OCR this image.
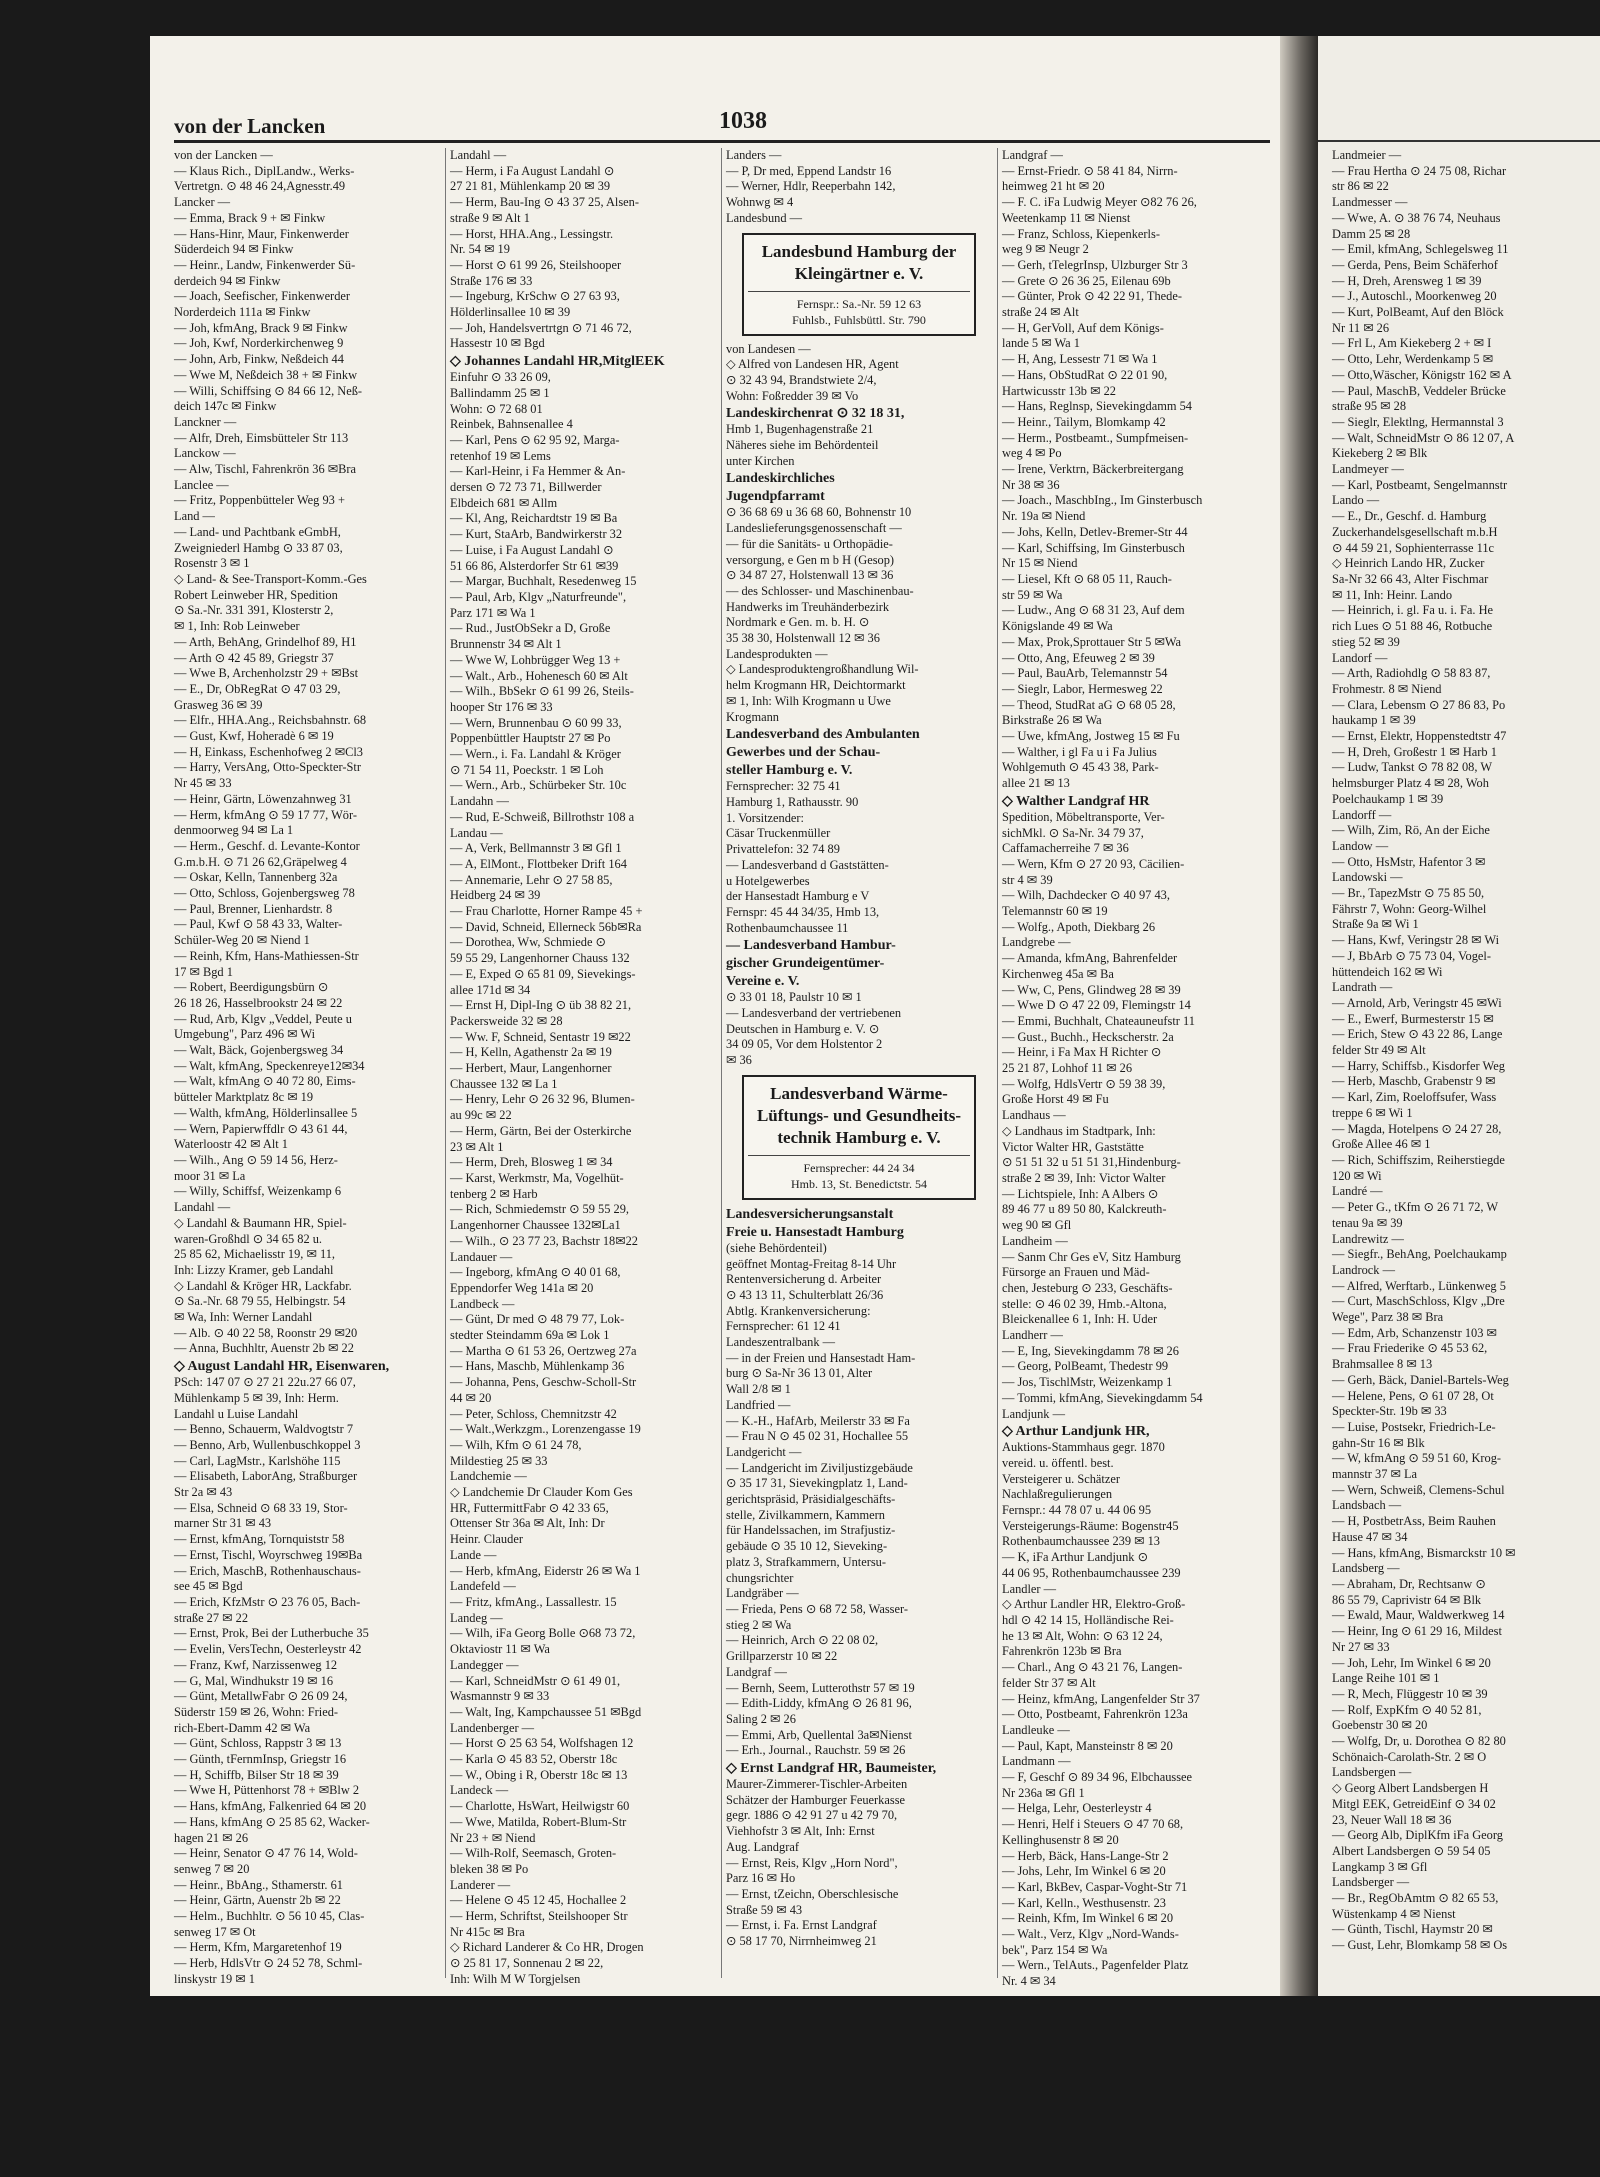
von der Lancken	1038

von der Lancken —

— Klaus Rich., DiplLandw., Werks-

Vertretgn. ⊙ 48 46 24,Agnesstr.49

Lancker —

— Emma, Brack 9 + ✉ Finkw

— Hans-Hinr, Maur, Finkenwerder

Süderdeich 94 ✉ Finkw

— Heinr., Landw, Finkenwerder Sü-

derdeich 94 ✉ Finkw

— Joach, Seefischer, Finkenwerder

Norderdeich 111a ✉ Finkw

— Joh, kfmAng, Brack 9 ✉ Finkw

— Joh, Kwf, Norderkirchenweg 9

— John, Arb, Finkw, Neßdeich 44

— Wwe M, Neßdeich 38 + ✉ Finkw

— Willi, Schiffsing ⊙ 84 66 12, Neß-

deich 147c ✉ Finkw

Lanckner —

— Alfr, Dreh, Eimsbütteler Str 113

Lanckow —

— Alw, Tischl, Fahrenkrön 36 ✉Bra

Lanclee —

— Fritz, Poppenbütteler Weg 93 +

Land —

— Land- und Pachtbank eGmbH,

Zweigniederl Hambg ⊙ 33 87 03,

Rosenstr 3 ✉ 1

◇ Land- & See-Transport-Komm.-Ges

Robert Leinweber HR, Spedition

⊙ Sa.-Nr. 331 391, Klosterstr 2,

✉ 1, Inh: Rob Leinweber

— Arth, BehAng, Grindelhof 89, H1

— Arth ⊙ 42 45 89, Griegstr 37

— Wwe B, Archenholzstr 29 + ✉Bst

— E., Dr, ObRegRat ⊙ 47 03 29,

Grasweg 36 ✉ 39

— Elfr., HHA.Ang., Reichsbahnstr. 68

— Gust, Kwf, Hoheradè 6 ✉ 19

— H, Einkass, Eschenhofweg 2 ✉Cl3

— Harry, VersAng, Otto-Speckter-Str

Nr 45 ✉ 33

— Heinr, Gärtn, Löwenzahnweg 31

— Herm, kfmAng ⊙ 59 17 77, Wör-

denmoorweg 94 ✉ La 1

— Herm., Geschf. d. Levante-Kontor

G.m.b.H. ⊙ 71 26 62,Gräpelweg 4

— Oskar, Kelln, Tannenberg 32a

— Otto, Schloss, Gojenbergsweg 78

— Paul, Brenner, Lienhardstr. 8

— Paul, Kwf ⊙ 58 43 33, Walter-

Schüler-Weg 20 ✉ Niend 1

— Reinh, Kfm, Hans-Mathiessen-Str

17 ✉ Bgd 1

— Robert, Beerdigungsbürn ⊙

26 18 26, Hasselbrookstr 24 ✉ 22

— Rud, Arb, Klgv „Veddel, Peute u

Umgebung", Parz 496 ✉ Wi

— Walt, Bäck, Gojenbergsweg 34

— Walt, kfmAng, Speckenreye12✉34

— Walt, kfmAng ⊙ 40 72 80, Eims-

bütteler Marktplatz 8c ✉ 19

— Walth, kfmAng, Hölderlinsallee 5

— Wern, Papierwffdlr ⊙ 43 61 44,

Waterloostr 42 ✉ Alt 1

— Wilh., Ang ⊙ 59 14 56, Herz-

moor 31 ✉ La

— Willy, Schiffsf, Weizenkamp 6

Landahl —

◇ Landahl & Baumann HR, Spiel-

waren-Großhdl ⊙ 34 65 82 u.

25 85 62, Michaelisstr 19, ✉ 11,

Inh: Lizzy Kramer, geb Landahl

◇ Landahl & Kröger HR, Lackfabr.

⊙ Sa.-Nr. 68 79 55, Helbingstr. 54

✉ Wa, Inh: Werner Landahl

— Alb. ⊙ 40 22 58, Roonstr 29 ✉20

— Anna, Buchhltr, Auenstr 2b ✉ 22

◇ August Landahl HR, Eisenwaren,

PSch: 147 07 ⊙ 27 21 22u.27 66 07,

Mühlenkamp 5 ✉ 39, Inh: Herm.

Landahl u Luise Landahl

— Benno, Schauerm, Waldvogtstr 7

— Benno, Arb, Wullenbuschkoppel 3

— Carl, LagMstr., Karlshöhe 115

— Elisabeth, LaborAng, Straßburger

Str 2a ✉ 43

— Elsa, Schneid ⊙ 68 33 19, Stor-

marner Str 31 ✉ 43

— Ernst, kfmAng, Tornquiststr 58

— Ernst, Tischl, Woyrschweg 19✉Ba

— Erich, MaschB, Rothenhauschaus-

see 45 ✉ Bgd

— Erich, KfzMstr ⊙ 23 76 05, Bach-

straße 27 ✉ 22

— Ernst, Prok, Bei der Lutherbuche 35

— Evelin, VersTechn, Oesterleystr 42

— Franz, Kwf, Narzissenweg 12

— G, Mal, Windhukstr 19 ✉ 16

— Günt, MetallwFabr ⊙ 26 09 24,

Süderstr 159 ✉ 26, Wohn: Fried-

rich-Ebert-Damm 42 ✉ Wa

— Günt, Schloss, Rappstr 3 ✉ 13

— Günth, tFernmInsp, Griegstr 16

— H, Schiffb, Bilser Str 18 ✉ 39

— Wwe H, Püttenhorst 78 + ✉Blw 2

— Hans, kfmAng, Falkenried 64 ✉ 20

— Hans, kfmAng ⊙ 25 85 62, Wacker-

hagen 21 ✉ 26

— Heinr, Senator ⊙ 47 76 14, Wold-

senweg 7 ✉ 20

— Heinr., BbAng., Sthamerstr. 61

— Heinr, Gärtn, Auenstr 2b ✉ 22

— Helm., Buchhltr. ⊙ 56 10 45, Clas-

senweg 17 ✉ Ot

— Herm, Kfm, Margaretenhof 19

— Herb, HdlsVtr ⊙ 24 52 78, Schml-

linskystr 19 ✉ 1

Landahl —

— Herm, i Fa August Landahl ⊙

27 21 81, Mühlenkamp 20 ✉ 39

— Herm, Bau-Ing ⊙ 43 37 25, Alsen-

straße 9 ✉ Alt 1

— Horst, HHA.Ang., Lessingstr.

Nr. 54 ✉ 19

— Horst ⊙ 61 99 26, Steilshooper

Straße 176 ✉ 33

— Ingeburg, KrSchw ⊙ 27 63 93,

Hölderlinsallee 10 ✉ 39

— Joh, Handelsvertrtgn ⊙ 71 46 72,

Hassestr 10 ✉ Bgd

◇ Johannes Landahl HR,MitglEEK

Einfuhr ⊙ 33 26 09,

Ballindamm 25 ✉ 1

Wohn: ⊙ 72 68 01

Reinbek, Bahnsenallee 4

— Karl, Pens ⊙ 62 95 92, Marga-

retenhof 19 ✉ Lems

— Karl-Heinr, i Fa Hemmer & An-

dersen ⊙ 72 73 71, Billwerder

Elbdeich 681 ✉ Allm

— Kl, Ang, Reichardtstr 19 ✉ Ba

— Kurt, StaArb, Bandwirkerstr 32

— Luise, i Fa August Landahl ⊙

51 66 86, Alsterdorfer Str 61 ✉39

— Margar, Buchhalt, Resedenweg 15

— Paul, Arb, Klgv „Naturfreunde",

Parz 171 ✉ Wa 1

— Rud., JustObSekr a D, Große

Brunnenstr 34 ✉ Alt 1

— Wwe W, Lohbrügger Weg 13 +

— Walt., Arb., Hohenesch 60 ✉ Alt

— Wilh., BbSekr ⊙ 61 99 26, Steils-

hooper Str 176 ✉ 33

— Wern, Brunnenbau ⊙ 60 99 33,

Poppenbüttler Hauptstr 27 ✉ Po

— Wern., i. Fa. Landahl & Kröger

⊙ 71 54 11, Poeckstr. 1 ✉ Loh

— Wern., Arb., Schürbeker Str. 10c

Landahn —

— Rud, E-Schweiß, Billrothstr 108 a

Landau —

— A, Verk, Bellmannstr 3 ✉ Gfl 1

— A, ElMont., Flottbeker Drift 164

— Annemarie, Lehr ⊙ 27 58 85,

Heidberg 24 ✉ 39

— Frau Charlotte, Horner Rampe 45 +

— David, Schneid, Ellerneck 56b✉Ra

— Dorothea, Ww, Schmiede ⊙

59 55 29, Langenhorner Chauss 132

— E, Exped ⊙ 65 81 09, Sievekings-

allee 171d ✉ 34

— Ernst H, Dipl-Ing ⊙ üb 38 82 21,

Packersweide 32 ✉ 28

— Ww. F, Schneid, Sentastr 19 ✉22

— H, Kelln, Agathenstr 2a ✉ 19

— Herbert, Maur, Langenhorner

Chaussee 132 ✉ La 1

— Henry, Lehr ⊙ 26 32 96, Blumen-

au 99c ✉ 22

— Herm, Gärtn, Bei der Osterkirche

23 ✉ Alt 1

— Herm, Dreh, Blosweg 1 ✉ 34

— Karst, Werkmstr, Ma, Vogelhüt-

tenberg 2 ✉ Harb

— Rich, Schmiedemstr ⊙ 59 55 29,

Langenhorner Chaussee 132✉La1

— Wilh., ⊙ 23 77 23, Bachstr 18✉22

Landauer —

— Ingeborg, kfmAng ⊙ 40 01 68,

Eppendorfer Weg 141a ✉ 20

Landbeck —

— Günt, Dr med ⊙ 48 79 77, Lok-

stedter Steindamm 69a ✉ Lok 1

— Martha ⊙ 61 53 26, Oertzweg 27a

— Hans, Maschb, Mühlenkamp 36

— Johanna, Pens, Geschw-Scholl-Str

44 ✉ 20

— Peter, Schloss, Chemnitzstr 42

— Walt.,Werkzgm., Lorenzengasse 19

— Wilh, Kfm ⊙ 61 24 78,

Mildestieg 25 ✉ 33

Landchemie —

◇ Landchemie Dr Clauder Kom Ges

HR, FuttermittFabr ⊙ 42 33 65,

Ottenser Str 36a ✉ Alt, Inh: Dr

Heinr. Clauder

Lande —

— Herb, kfmAng, Eiderstr 26 ✉ Wa 1

Landefeld —

— Fritz, kfmAng., Lassallestr. 15

Landeg —

— Wilh, iFa Georg Bolle ⊙68 73 72,

Oktaviostr 11 ✉ Wa

Landegger —

— Karl, SchneidMstr ⊙ 61 49 01,

Wasmannstr 9 ✉ 33

— Walt, Ing, Kampchaussee 51 ✉Bgd

Landenberger —

— Horst ⊙ 25 63 54, Wolfshagen 12

— Karla ⊙ 45 83 52, Oberstr 18c

— W., Obing i R, Oberstr 18c ✉ 13

Landeck —

— Charlotte, HsWart, Heilwigstr 60

— Wwe, Matilda, Robert-Blum-Str

Nr 23 + ✉ Niend

— Wilh-Rolf, Seemasch, Groten-

bleken 38 ✉ Po

Landerer —

— Helene ⊙ 45 12 45, Hochallee 2

— Herm, Schriftst, Steilshooper Str

Nr 415c ✉ Bra

◇ Richard Landerer & Co HR, Drogen

⊙ 25 81 17, Sonnenau 2 ✉ 22,

Inh: Wilh M W Torgjelsen

Landers —

— P, Dr med, Eppend Landstr 16

— Werner, Hdlr, Reeperbahn 142,

Wohnwg ✉ 4

Landesbund —

Landesbund Hamburg der Kleingärtner e. V.
Fernspr.: Sa.-Nr. 59 12 63
Fuhlsb., Fuhlsbüttl. Str. 790

von Landesen —

◇ Alfred von Landesen HR, Agent

⊙ 32 43 94, Brandstwiete 2/4,

Wohn: Foßredder 39 ✉ Vo

Landeskirchenrat ⊙ 32 18 31,

Hmb 1, Bugenhagenstraße 21

Näheres siehe im Behördenteil

unter Kirchen

Landeskirchliches

Jugendpfarramt

⊙ 36 68 69 u 36 68 60, Bohnenstr 10

Landeslieferungsgenossenschaft —

— für die Sanitäts- u Orthopädie-

versorgung, e Gen m b H (Gesop)

⊙ 34 87 27, Holstenwall 13 ✉ 36

— des Schlosser- und Maschinenbau-

Handwerks im Treuhänderbezirk

Nordmark e Gen. m. b. H. ⊙

35 38 30, Holstenwall 12 ✉ 36

Landesprodukten —

◇ Landesproduktengroßhandlung Wil-

helm Krogmann HR, Deichtormarkt

✉ 1, Inh: Wilh Krogmann u Uwe

Krogmann

Landesverband des Ambulanten

Gewerbes und der Schau-

steller Hamburg e. V.

Fernsprecher: 32 75 41

Hamburg 1, Rathausstr. 90

1. Vorsitzender:

Cäsar Truckenmüller

Privattelefon: 32 74 89

— Landesverband d Gaststätten-

u Hotelgewerbes

der Hansestadt Hamburg e V

Fernspr: 45 44 34/35, Hmb 13,

Rothenbaumchaussee 11

— Landesverband Hambur-

gischer Grundeigentümer-

Vereine e. V.

⊙ 33 01 18, Paulstr 10 ✉ 1

— Landesverband der vertriebenen

Deutschen in Hamburg e. V. ⊙

34 09 05, Vor dem Holstentor 2

✉ 36

Landesverband Wärme-Lüftungs- und Gesundheits-technik Hamburg e. V.
Fernsprecher: 44 24 34
Hmb. 13, St. Benedictstr. 54

Landesversicherungsanstalt

Freie u. Hansestadt Hamburg

(siehe Behördenteil)

geöffnet Montag-Freitag 8-14 Uhr

Rentenversicherung d. Arbeiter

⊙ 43 13 11, Schulterblatt 26/36

Abtlg. Krankenversicherung:

Fernsprecher: 61 12 41

Landeszentralbank —

— in der Freien und Hansestadt Ham-

burg ⊙ Sa-Nr 36 13 01, Alter

Wall 2/8 ✉ 1

Landfried —

— K.-H., HafArb, Meilerstr 33 ✉ Fa

— Frau N ⊙ 45 02 31, Hochallee 55

Landgericht —

— Landgericht im Ziviljustizgebäude

⊙ 35 17 31, Sievekingplatz 1, Land-

gerichtspräsid, Präsidialgeschäfts-

stelle, Zivilkammern, Kammern

für Handelssachen, im Strafjustiz-

gebäude ⊙ 35 10 12, Sieveking-

platz 3, Strafkammern, Untersu-

chungsrichter

Landgräber —

— Frieda, Pens ⊙ 68 72 58, Wasser-

stieg 2 ✉ Wa

— Heinrich, Arch ⊙ 22 08 02,

Grillparzerstr 10 ✉ 22

Landgraf —

— Bernh, Seem, Lutterothstr 57 ✉ 19

— Edith-Liddy, kfmAng ⊙ 26 81 96,

Saling 2 ✉ 26

— Emmi, Arb, Quellental 3a✉Nienst

— Erh., Journal., Rauchstr. 59 ✉ 26

◇ Ernst Landgraf HR, Baumeister,

Maurer-Zimmerer-Tischler-Arbeiten

Schätzer der Hamburger Feuerkasse

gegr. 1886 ⊙ 42 91 27 u 42 79 70,

Viehhofstr 3 ✉ Alt, Inh: Ernst

Aug. Landgraf

— Ernst, Reis, Klgv „Horn Nord",

Parz 16 ✉ Ho

— Ernst, tZeichn, Oberschlesische

Straße 59 ✉ 43

— Ernst, i. Fa. Ernst Landgraf

⊙ 58 17 70, Nirrnheimweg 21

Landgraf —

— Ernst-Friedr. ⊙ 58 41 84, Nirrn-

heimweg 21 ht ✉ 20

— F. C. iFa Ludwig Meyer ⊙82 76 26,

Weetenkamp 11 ✉ Nienst

— Franz, Schloss, Kiepenkerls-

weg 9 ✉ Neugr 2

— Gerh, tTelegrInsp, Ulzburger Str 3

— Grete ⊙ 26 36 25, Eilenau 69b

— Günter, Prok ⊙ 42 22 91, Thede-

straße 24 ✉ Alt

— H, GerVoll, Auf dem Königs-

lande 5 ✉ Wa 1

— H, Ang, Lessestr 71 ✉ Wa 1

— Hans, ObStudRat ⊙ 22 01 90,

Hartwicusstr 13b ✉ 22

— Hans, Reglnsp, Sievekingdamm 54

— Heinr., Tailym, Blomkamp 42

— Herm., Postbeamt., Sumpfmeisen-

weg 4 ✉ Po

— Irene, Verktrn, Bäckerbreitergang

Nr 38 ✉ 36

— Joach., MaschbIng., Im Ginsterbusch

Nr. 19a ✉ Niend

— Johs, Kelln, Detlev-Bremer-Str 44

— Karl, Schiffsing, Im Ginsterbusch

Nr 15 ✉ Niend

— Liesel, Kft ⊙ 68 05 11, Rauch-

str 59 ✉ Wa

— Ludw., Ang ⊙ 68 31 23, Auf dem

Königslande 49 ✉ Wa

— Max, Prok,Sprottauer Str 5 ✉Wa

— Otto, Ang, Efeuweg 2 ✉ 39

— Paul, BauArb, Telemannstr 54

— Sieglr, Labor, Hermesweg 22

— Theod, StudRat aG ⊙ 68 05 28,

Birkstraße 26 ✉ Wa

— Uwe, kfmAng, Jostweg 15 ✉ Fu

— Walther, i gl Fa u i Fa Julius

Wohlgemuth ⊙ 45 43 38, Park-

allee 21 ✉ 13

◇ Walther Landgraf HR

Spedition, Möbeltransporte, Ver-

sichMkl. ⊙ Sa-Nr. 34 79 37,

Caffamacherreihe 7 ✉ 36

— Wern, Kfm ⊙ 27 20 93, Cäcilien-

str 4 ✉ 39

— Wilh, Dachdecker ⊙ 40 97 43,

Telemannstr 60 ✉ 19

— Wolfg., Apoth, Diekbarg 26

Landgrebe —

— Amanda, kfmAng, Bahrenfelder

Kirchenweg 45a ✉ Ba

— Ww, C, Pens, Glindweg 28 ✉ 39

— Wwe D ⊙ 47 22 09, Flemingstr 14

— Emmi, Buchhalt, Chateauneufstr 11

— Gust., Buchh., Heckscherstr. 2a

— Heinr, i Fa Max H Richter ⊙

25 21 87, Lohhof 11 ✉ 26

— Wolfg, HdlsVertr ⊙ 59 38 39,

Große Horst 49 ✉ Fu

Landhaus —

◇ Landhaus im Stadtpark, Inh:

Victor Walter HR, Gaststätte

⊙ 51 51 32 u 51 51 31,Hindenburg-

straße 2 ✉ 39, Inh: Victor Walter

— Lichtspiele, Inh: A Albers ⊙

89 46 77 u 89 50 80, Kalckreuth-

weg 90 ✉ Gfl

Landheim —

— Sanm Chr Ges eV, Sitz Hamburg

Fürsorge an Frauen und Mäd-

chen, Jesteburg ⊙ 233, Geschäfts-

stelle: ⊙ 46 02 39, Hmb.-Altona,

Bleickenallee 6 1, Inh: H. Uder

Landherr —

— E, Ing, Sievekingdamm 78 ✉ 26

— Georg, PolBeamt, Thedestr 99

— Jos, TischlMstr, Weizenkamp 1

— Tommi, kfmAng, Sievekingdamm 54

Landjunk —

◇ Arthur Landjunk HR,

Auktions-Stammhaus gegr. 1870

vereid. u. öffentl. best.

Versteigerer u. Schätzer

Nachlaßregulierungen

Fernspr.: 44 78 07 u. 44 06 95

Versteigerungs-Räume: Bogenstr45

Rothenbaumchaussee 239 ✉ 13

— K, iFa Arthur Landjunk ⊙

44 06 95, Rothenbaumchaussee 239

Landler —

◇ Arthur Landler HR, Elektro-Groß-

hdl ⊙ 42 14 15, Holländische Rei-

he 13 ✉ Alt, Wohn: ⊙ 63 12 24,

Fahrenkrön 123b ✉ Bra

— Charl., Ang ⊙ 43 21 76, Langen-

felder Str 37 ✉ Alt

— Heinz, kfmAng, Langenfelder Str 37

— Otto, Postbeamt, Fahrenkrön 123a

Landleuke —

— Paul, Kapt, Mansteinstr 8 ✉ 20

Landmann —

— F, Geschf ⊙ 89 34 96, Elbchaussee

Nr 236a ✉ Gfl 1

— Helga, Lehr, Oesterleystr 4

— Henri, Helf i Steuers ⊙ 47 70 68,

Kellinghusenstr 8 ✉ 20

— Herb, Bäck, Hans-Lange-Str 2

— Johs, Lehr, Im Winkel 6 ✉ 20

— Karl, BkBev, Caspar-Voght-Str 71

— Karl, Kelln., Westhusenstr. 23

— Reinh, Kfm, Im Winkel 6 ✉ 20

— Walt., Verz, Klgv „Nord-Wands-

bek", Parz 154 ✉ Wa

— Wern., TelAuts., Pagenfelder Platz

Nr. 4 ✉ 34

Landmeier —

— Frau Hertha ⊙ 24 75 08, Richar

str 86 ✉ 22

Landmesser —

— Wwe, A. ⊙ 38 76 74, Neuhaus

Damm 25 ✉ 28

— Emil, kfmAng, Schlegelsweg 11

— Gerda, Pens, Beim Schäferhof

— H, Dreh, Arensweg 1 ✉ 39

— J., Autoschl., Moorkenweg 20

— Kurt, PolBeamt, Auf den Blöck

Nr 11 ✉ 26

— Frl L, Am Kiekeberg 2 + ✉ I

— Otto, Lehr, Werdenkamp 5 ✉

— Otto,Wäscher, Königstr 162 ✉ A

— Paul, MaschB, Veddeler Brücke

straße 95 ✉ 28

— Sieglr, Elektlng, Hermannstal 3

— Walt, SchneidMstr ⊙ 86 12 07, A

Kiekeberg 2 ✉ Blk

Landmeyer —

— Karl, Postbeamt, Sengelmannstr

Lando —

— E., Dr., Geschf. d. Hamburg

Zuckerhandelsgesellschaft m.b.H

⊙ 44 59 21, Sophienterrasse 11c

◇ Heinrich Lando HR, Zucker

Sa-Nr 32 66 43, Alter Fischmar

✉ 11, Inh: Heinr. Lando

— Heinrich, i. gl. Fa u. i. Fa. He

rich Lues ⊙ 51 88 46, Rotbuche

stieg 52 ✉ 39

Landorf —

— Arth, Radiohdlg ⊙ 58 83 87,

Frohmestr. 8 ✉ Niend

— Clara, Lebensm ⊙ 27 86 83, Po

haukamp 1 ✉ 39

— Ernst, Elektr, Hoppenstedtstr 47

— H, Dreh, Großestr 1 ✉ Harb 1

— Ludw, Tankst ⊙ 78 82 08, W

helmsburger Platz 4 ✉ 28, Woh

Poelchaukamp 1 ✉ 39

Landorff —

— Wilh, Zim, Rö, An der Eiche

Landow —

— Otto, HsMstr, Hafentor 3 ✉

Landowski —

— Br., TapezMstr ⊙ 75 85 50,

Fährstr 7, Wohn: Georg-Wilhel

Straße 9a ✉ Wi 1

— Hans, Kwf, Veringstr 28 ✉ Wi

— J, BbArb ⊙ 75 73 04, Vogel-

hüttendeich 162 ✉ Wi

Landrath —

— Arnold, Arb, Veringstr 45 ✉Wi

— E., Ewerf, Burmesterstr 15 ✉

— Erich, Stew ⊙ 43 22 86, Lange

felder Str 49 ✉ Alt

— Harry, Schiffsb., Kisdorfer Weg

— Herb, Maschb, Grabenstr 9 ✉

— Karl, Zim, Roeloffsufer, Wass

treppe 6 ✉ Wi 1

— Magda, Hotelpens ⊙ 24 27 28,

Große Allee 46 ✉ 1

— Rich, Schiffszim, Reiherstiegde

120 ✉ Wi

Landré —

— Peter G., tKfm ⊙ 26 71 72, W

tenau 9a ✉ 39

Landrewitz —

— Siegfr., BehAng, Poelchaukamp

Landrock —

— Alfred, Werftarb., Lünkenweg 5

— Curt, MaschSchloss, Klgv „Dre

Wege", Parz 38 ✉ Bra

— Edm, Arb, Schanzenstr 103 ✉

— Frau Friederike ⊙ 45 53 62,

Brahmsallee 8 ✉ 13

— Gerh, Bäck, Daniel-Bartels-Weg

— Helene, Pens, ⊙ 61 07 28, Ot

Speckter-Str. 19b ✉ 33

— Luise, Postsekr, Friedrich-Le-

gahn-Str 16 ✉ Blk

— W, kfmAng ⊙ 59 51 60, Krog-

mannstr 37 ✉ La

— Wern, Schweiß, Clemens-Schul

Landsbach —

— H, PostbetrAss, Beim Rauhen

Hause 47 ✉ 34

— Hans, kfmAng, Bismarckstr 10 ✉

Landsberg —

— Abraham, Dr, Rechtsanw ⊙

86 55 79, Caprivistr 64 ✉ Blk

— Ewald, Maur, Waldwerkweg 14

— Heinr, Ing ⊙ 61 29 16, Mildest

Nr 27 ✉ 33

— Joh, Lehr, Im Winkel 6 ✉ 20

Lange Reihe 101 ✉ 1

— R, Mech, Flüggestr 10 ✉ 39

— Rolf, ExpKfm ⊙ 40 52 81,

Goebenstr 30 ✉ 20

— Wolfg, Dr, u. Dorothea ⊙ 82 80

Schönaich-Carolath-Str. 2 ✉ O

Landsbergen —

◇ Georg Albert Landsbergen H

Mitgl EEK, GetreidEinf ⊙ 34 02

23, Neuer Wall 18 ✉ 36

— Georg Alb, DiplKfm iFa Georg

Albert Landsbergen ⊙ 59 54 05

Langkamp 3 ✉ Gfl

Landsberger —

— Br., RegObAmtm ⊙ 82 65 53,

Wüstenkamp 4 ✉ Nienst

— Günth, Tischl, Haymstr 20 ✉

— Gust, Lehr, Blomkamp 58 ✉ Os
